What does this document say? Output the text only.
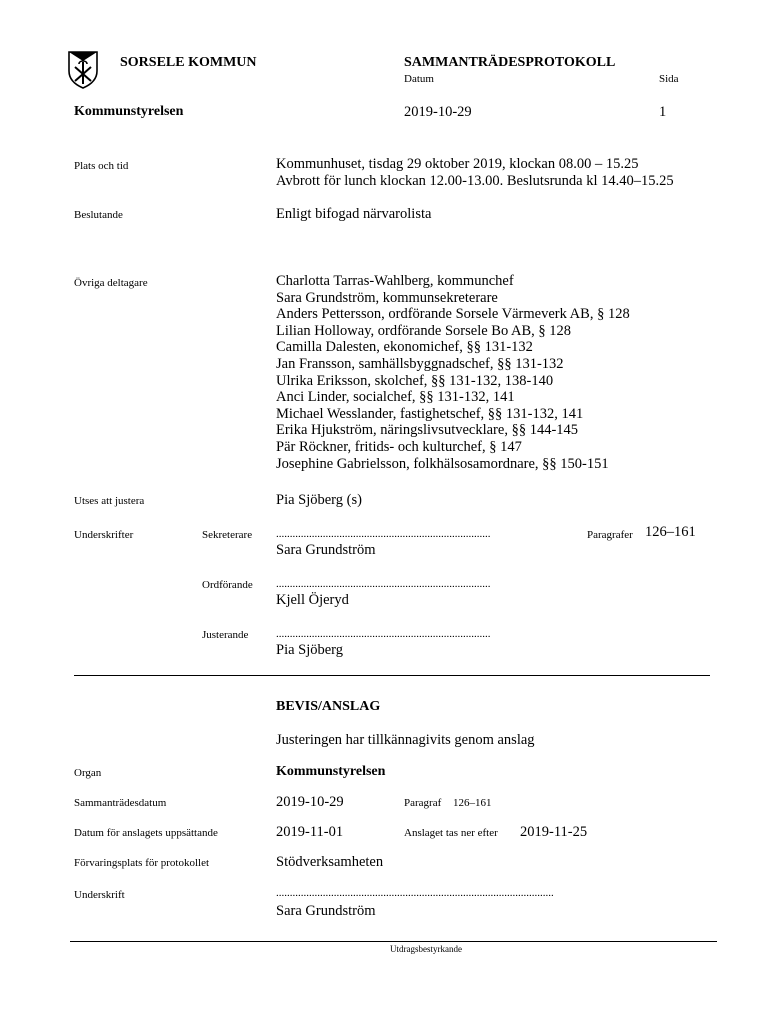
SORSELE KOMMUN	SAMMANTRÄDESPROTOKOLL
Datum	Sida
Kommunstyrelsen	2019-10-29	1
Plats och tid	Kommunhuset, tisdag 29 oktober 2019, klockan 08.00 – 15.25
Avbrott för lunch klockan 12.00-13.00. Beslutsrunda kl 14.40–15.25
Beslutande	Enligt bifogad närvarolista
Övriga deltagare	Charlotta Tarras-Wahlberg, kommunchef
Sara Grundström, kommunsekreterare
Anders Pettersson, ordförande Sorsele Värmeverk AB, § 128
Lilian Holloway, ordförande Sorsele Bo AB, § 128
Camilla Dalesten, ekonomichef, §§ 131-132
Jan Fransson, samhällsbyggnadschef, §§ 131-132
Ulrika Eriksson, skolchef, §§ 131-132, 138-140
Anci Linder, socialchef, §§ 131-132, 141
Michael Wesslander, fastighetschef, §§ 131-132, 141
Erika Hjukström, näringslivsutvecklare, §§ 144-145
Pär Röckner, fritids- och kulturchef, § 147
Josephine Gabrielsson, folkhälsosamordnare, §§ 150-151
Utses att justera	Pia Sjöberg (s)
Underskrifter	Sekreterare ..............................................................................	Paragrafer 126–161
Sara Grundström
Ordförande ..............................................................................
Kjell Öjeryd
Justerande	..............................................................................
Pia Sjöberg
BEVIS/ANSLAG
Justeringen har tillkännagivits genom anslag
Organ	Kommunstyrelsen
Sammanträdesdatum	2019-10-29	Paragraf 126–161
Datum för anslagets uppsättande	2019-11-01	Anslaget tas ner efter 2019-11-25
Förvaringsplats för protokollet	Stödverksamheten
Underskrift	.....................................................................................................
Sara Grundström
Utdragsbestyrkande
